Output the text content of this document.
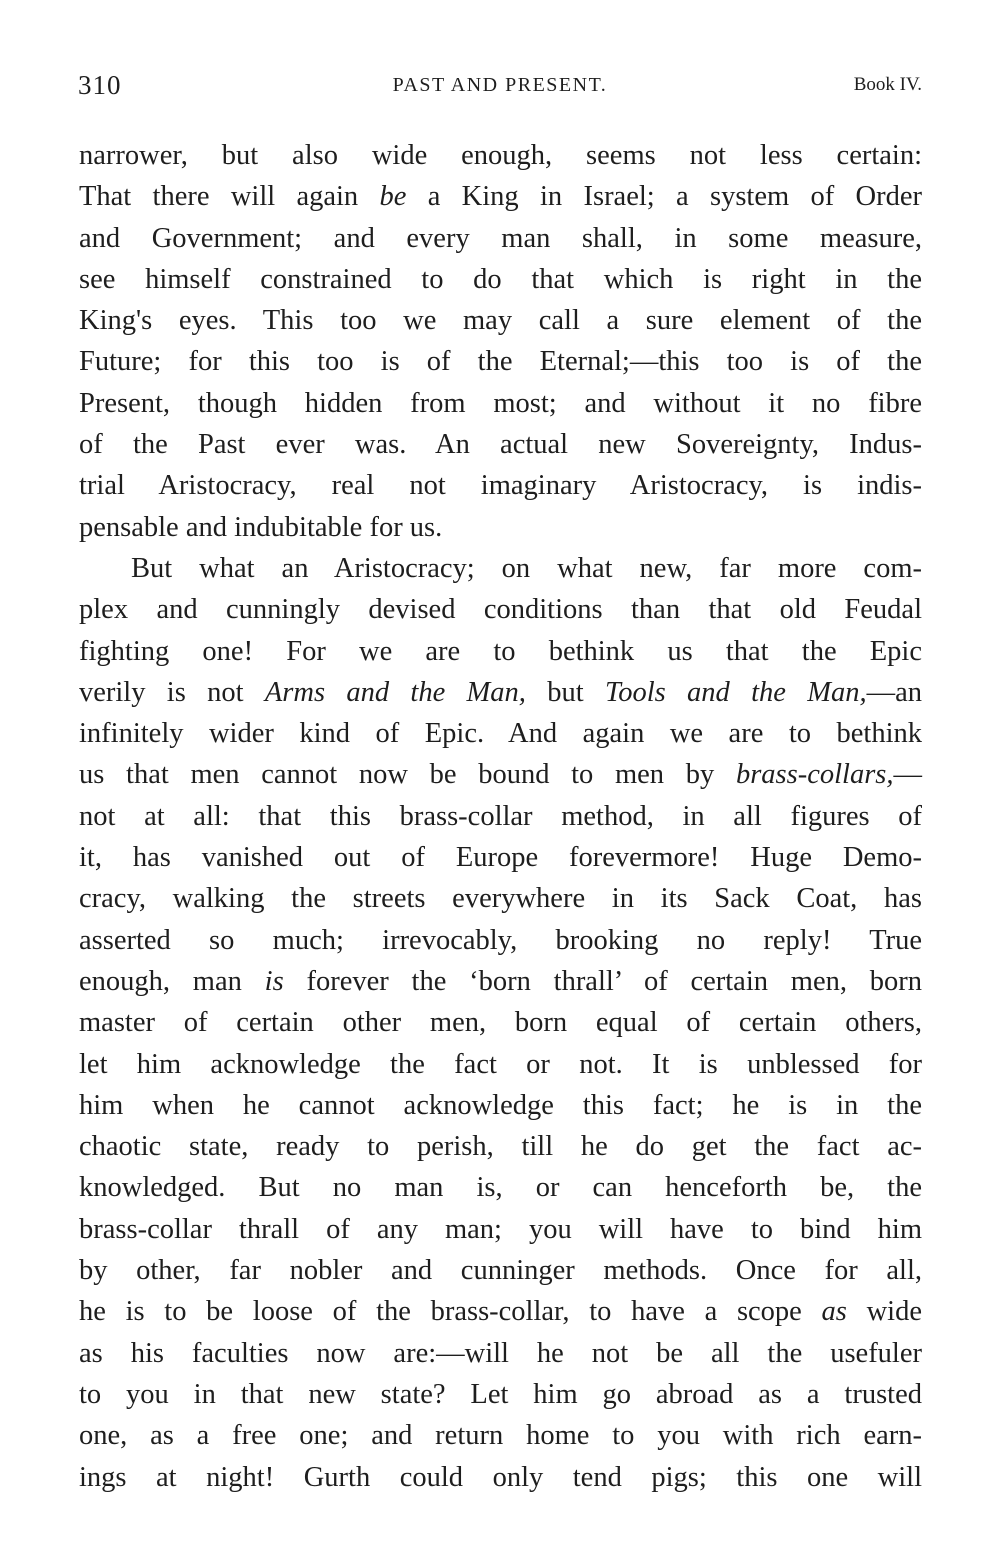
310	PAST AND PRESENT.	Book IV.
narrower, but also wide enough, seems not less certain:
That there will again be a King in Israel; a system of Order
and Government; and every man shall, in some measure,
see himself constrained to do that which is right in the
King's eyes. This too we may call a sure element of the
Future; for this too is of the Eternal;—this too is of the
Present, though hidden from most; and without it no fibre
of the Past ever was. An actual new Sovereignty, Indus-
trial Aristocracy, real not imaginary Aristocracy, is indis-
pensable and indubitable for us.
But what an Aristocracy; on what new, far more com-
plex and cunningly devised conditions than that old Feudal
fighting one! For we are to bethink us that the Epic
verily is not Arms and the Man, but Tools and the Man,—an
infinitely wider kind of Epic. And again we are to bethink
us that men cannot now be bound to men by brass-collars,—
not at all: that this brass-collar method, in all figures of
it, has vanished out of Europe forevermore! Huge Demo-
cracy, walking the streets everywhere in its Sack Coat, has
asserted so much; irrevocably, brooking no reply! True
enough, man is forever the ‘born thrall’ of certain men, born
master of certain other men, born equal of certain others,
let him acknowledge the fact or not. It is unblessed for
him when he cannot acknowledge this fact; he is in the
chaotic state, ready to perish, till he do get the fact ac-
knowledged. But no man is, or can henceforth be, the
brass-collar thrall of any man; you will have to bind him
by other, far nobler and cunninger methods. Once for all,
he is to be loose of the brass-collar, to have a scope as wide
as his faculties now are:—will he not be all the usefuler
to you in that new state? Let him go abroad as a trusted
one, as a free one; and return home to you with rich earn-
ings at night! Gurth could only tend pigs; this one will
